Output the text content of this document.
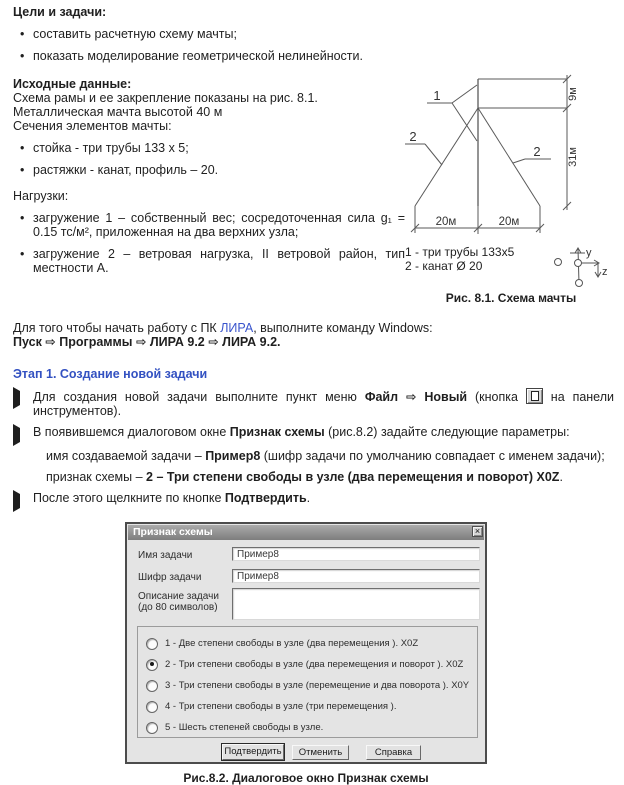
Цели и задачи:
•
составить расчетную схему мачты;
•
показать моделирование геометрической нелинейности.
Исходные данные:
Схема рамы и ее закрепление показаны на рис. 8.1.
Металлическая мачта высотой 40 м
Сечения элементов мачты:
•
стойка - три трубы 133 х 5;
•
растяжки - канат, профиль – 20.
Нагрузки:
•
загружение 1 – собственный вес; сосредоточенная сила g₁ = 0.15 тс/м², приложенная на два верхних узла;
•
загружение 2 – ветровая нагрузка, II ветровой район, тип местности А.
1
2
2
20м	20м
9м
31м
1 - три трубы 133х5
2 - канат Ø 20
y
z
Рис. 8.1. Схема мачты
Для того чтобы начать работу с ПК ЛИРА, выполните команду Windows:
Пуск ⇨ Программы ⇨ ЛИРА 9.2 ⇨ ЛИРА 9.2.
Этап 1. Создание новой задачи
Для создания новой задачи выполните пункт меню Файл ⇨ Новый (кнопка  на панели инструментов).
В появившемся диалоговом окне Признак схемы (рис.8.2) задайте следующие параметры:
имя создаваемой задачи – Пример8 (шифр задачи по умолчанию совпадает с именем задачи);
признак схемы – 2 – Три степени свободы в узле (два перемещения и поворот) X0Z.
После этого щелкните по кнопке Подтвердить.
Признак схемы	×
Имя задачи
Пример8
Шифр задачи
Пример8
Описание задачи
(до 80 символов)
1 - Две степени свободы в узле (два перемещения ). X0Z
2 - Три степени свободы в узле (два перемещения и поворот ). X0Z
3 - Три степени свободы в узле (перемещение и два поворота ). X0Y
4 - Три степени свободы в узле (три перемещения ).
5 - Шесть степеней свободы в узле.
Подтвердить	Отменить	Справка
Рис.8.2. Диалоговое окно Признак схемы
